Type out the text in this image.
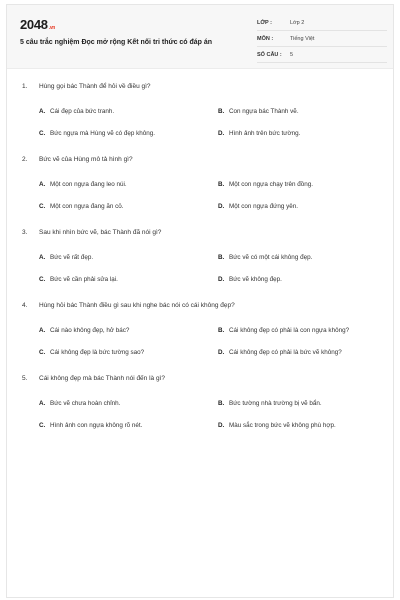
2048.vn
5 câu trắc nghiệm Đọc mở rộng Kết nối tri thức có đáp án
LỚP :	Lớp 2
MÔN :	Tiếng Việt
SỐ CÂU : 5
1. Hùng gọi bác Thành để hỏi về điều gì?
A. Cái đẹp của bức tranh.	B. Con ngựa bác Thành vẽ.
C. Bức ngựa mà Hùng vẽ có đẹp không.	D. Hình ảnh trên bức tường.
2. Bức vẽ của Hùng mô tả hình gì?
A. Một con ngựa đang leo núi.	B. Một con ngựa chạy trên đồng.
C. Một con ngựa đang ăn cỏ.	D. Một con ngựa đứng yên.
3. Sau khi nhìn bức vẽ, bác Thành đã nói gì?
A. Bức vẽ rất đẹp.	B. Bức vẽ có một cái không đẹp.
C. Bức vẽ cần phải sửa lại.	D. Bức vẽ không đẹp.
4. Hùng hỏi bác Thành điều gì sau khi nghe bác nói có cái không đẹp?
A. Cái nào không đẹp, hở bác?	B. Cái không đẹp có phải là con ngựa không?
C. Cái không đẹp là bức tường sao?	D. Cái không đẹp có phải là bức vẽ không?
5. Cái không đẹp mà bác Thành nói đến là gì?
A. Bức vẽ chưa hoàn chỉnh.	B. Bức tường nhà trường bị vẽ bẩn.
C. Hình ảnh con ngựa không rõ nét.	D. Màu sắc trong bức vẽ không phù hợp.
